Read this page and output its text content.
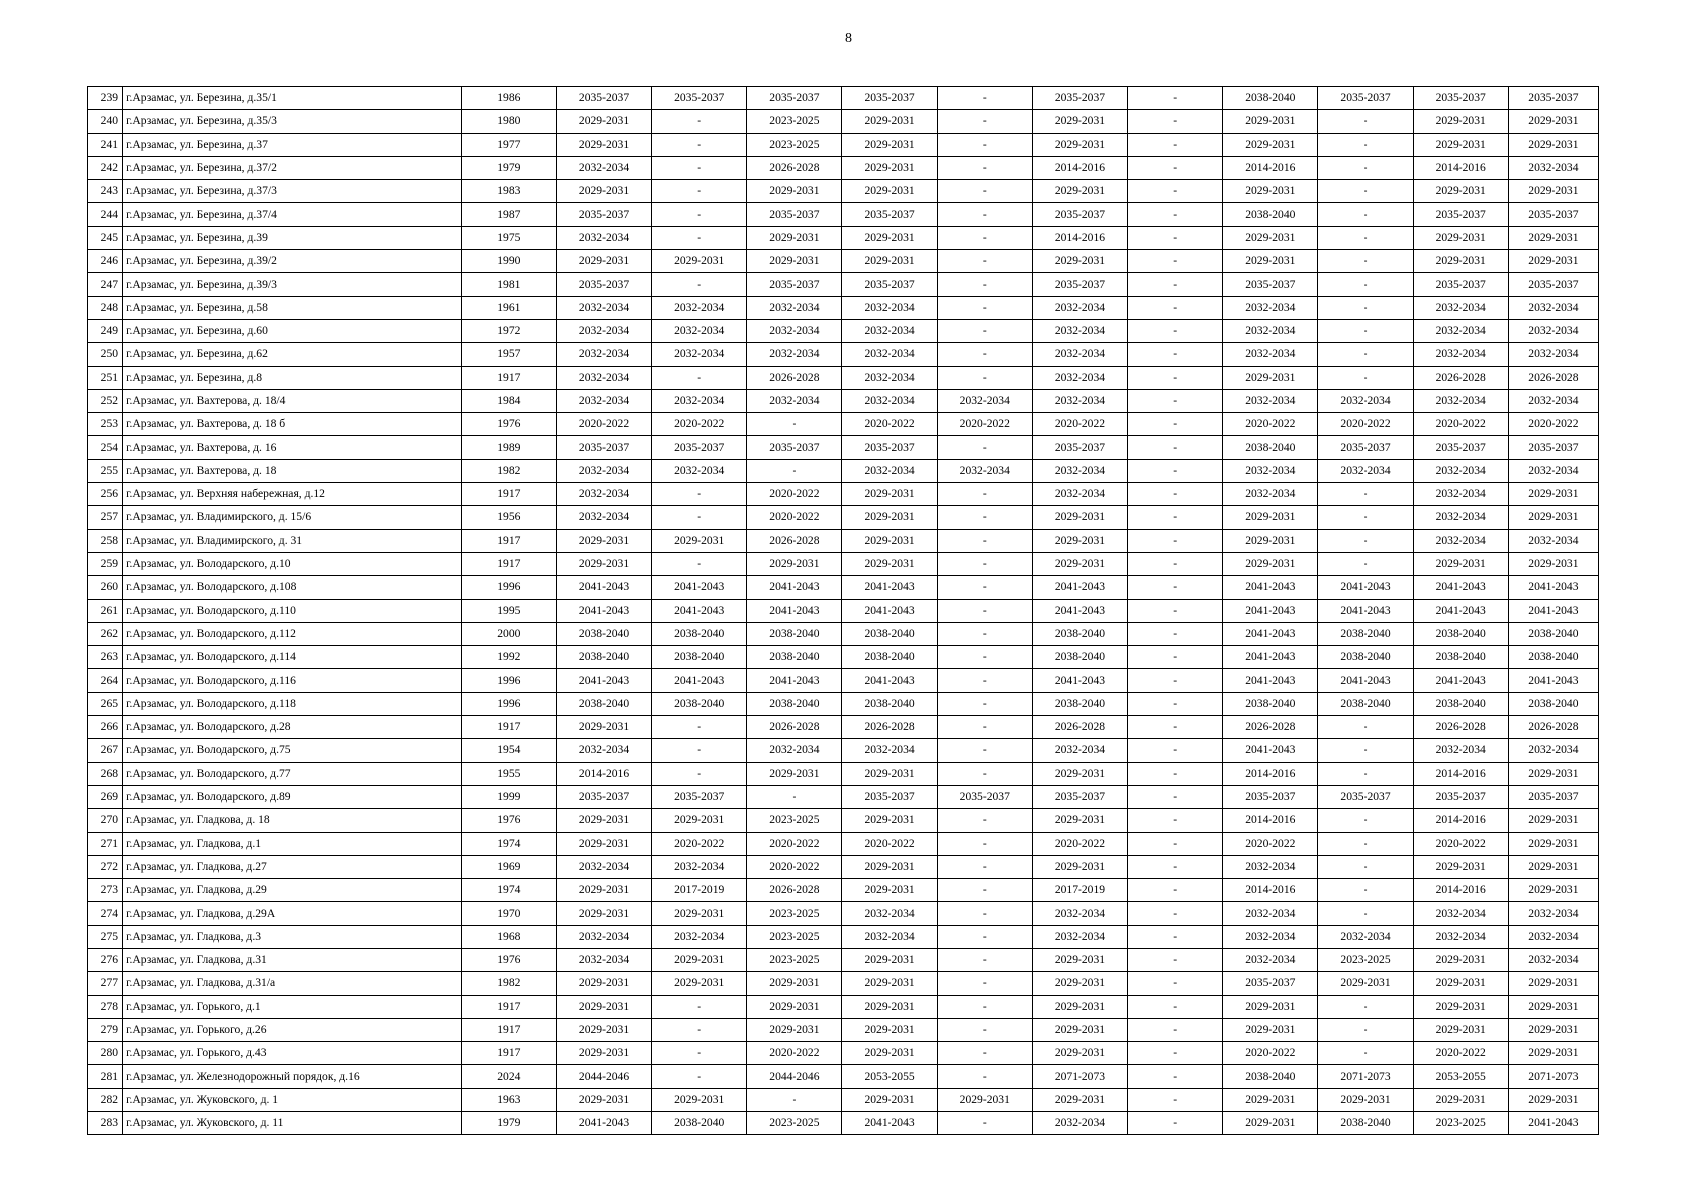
8
239	г.Арзамас, ул. Березина, д.35/1	1986	2035-2037	2035-2037	2035-2037	2035-2037	-	2035-2037	-	2038-2040	2035-2037	2035-2037	2035-2037
240	г.Арзамас, ул. Березина, д.35/3	1980	2029-2031	-	2023-2025	2029-2031	-	2029-2031	-	2029-2031	-	2029-2031	2029-2031
241	г.Арзамас, ул. Березина, д.37	1977	2029-2031	-	2023-2025	2029-2031	-	2029-2031	-	2029-2031	-	2029-2031	2029-2031
242	г.Арзамас, ул. Березина, д.37/2	1979	2032-2034	-	2026-2028	2029-2031	-	2014-2016	-	2014-2016	-	2014-2016	2032-2034
243	г.Арзамас, ул. Березина, д.37/3	1983	2029-2031	-	2029-2031	2029-2031	-	2029-2031	-	2029-2031	-	2029-2031	2029-2031
244	г.Арзамас, ул. Березина, д.37/4	1987	2035-2037	-	2035-2037	2035-2037	-	2035-2037	-	2038-2040	-	2035-2037	2035-2037
245	г.Арзамас, ул. Березина, д.39	1975	2032-2034	-	2029-2031	2029-2031	-	2014-2016	-	2029-2031	-	2029-2031	2029-2031
246	г.Арзамас, ул. Березина, д.39/2	1990	2029-2031	2029-2031	2029-2031	2029-2031	-	2029-2031	-	2029-2031	-	2029-2031	2029-2031
247	г.Арзамас, ул. Березина, д.39/3	1981	2035-2037	-	2035-2037	2035-2037	-	2035-2037	-	2035-2037	-	2035-2037	2035-2037
248	г.Арзамас, ул. Березина, д.58	1961	2032-2034	2032-2034	2032-2034	2032-2034	-	2032-2034	-	2032-2034	-	2032-2034	2032-2034
249	г.Арзамас, ул. Березина, д.60	1972	2032-2034	2032-2034	2032-2034	2032-2034	-	2032-2034	-	2032-2034	-	2032-2034	2032-2034
250	г.Арзамас, ул. Березина, д.62	1957	2032-2034	2032-2034	2032-2034	2032-2034	-	2032-2034	-	2032-2034	-	2032-2034	2032-2034
251	г.Арзамас, ул. Березина, д.8	1917	2032-2034	-	2026-2028	2032-2034	-	2032-2034	-	2029-2031	-	2026-2028	2026-2028
252	г.Арзамас, ул. Вахтерова, д. 18/4	1984	2032-2034	2032-2034	2032-2034	2032-2034	2032-2034	2032-2034	-	2032-2034	2032-2034	2032-2034	2032-2034
253	г.Арзамас, ул. Вахтерова, д. 18 б	1976	2020-2022	2020-2022	-	2020-2022	2020-2022	2020-2022	-	2020-2022	2020-2022	2020-2022	2020-2022
254	г.Арзамас, ул. Вахтерова, д. 16	1989	2035-2037	2035-2037	2035-2037	2035-2037	-	2035-2037	-	2038-2040	2035-2037	2035-2037	2035-2037
255	г.Арзамас, ул. Вахтерова, д. 18	1982	2032-2034	2032-2034	-	2032-2034	2032-2034	2032-2034	-	2032-2034	2032-2034	2032-2034	2032-2034
256	г.Арзамас, ул. Верхняя набережная, д.12	1917	2032-2034	-	2020-2022	2029-2031	-	2032-2034	-	2032-2034	-	2032-2034	2029-2031
257	г.Арзамас, ул. Владимирского, д. 15/6	1956	2032-2034	-	2020-2022	2029-2031	-	2029-2031	-	2029-2031	-	2032-2034	2029-2031
258	г.Арзамас, ул. Владимирского, д. 31	1917	2029-2031	2029-2031	2026-2028	2029-2031	-	2029-2031	-	2029-2031	-	2032-2034	2032-2034
259	г.Арзамас, ул. Володарского, д.10	1917	2029-2031	-	2029-2031	2029-2031	-	2029-2031	-	2029-2031	-	2029-2031	2029-2031
260	г.Арзамас, ул. Володарского, д.108	1996	2041-2043	2041-2043	2041-2043	2041-2043	-	2041-2043	-	2041-2043	2041-2043	2041-2043	2041-2043
261	г.Арзамас, ул. Володарского, д.110	1995	2041-2043	2041-2043	2041-2043	2041-2043	-	2041-2043	-	2041-2043	2041-2043	2041-2043	2041-2043
262	г.Арзамас, ул. Володарского, д.112	2000	2038-2040	2038-2040	2038-2040	2038-2040	-	2038-2040	-	2041-2043	2038-2040	2038-2040	2038-2040
263	г.Арзамас, ул. Володарского, д.114	1992	2038-2040	2038-2040	2038-2040	2038-2040	-	2038-2040	-	2041-2043	2038-2040	2038-2040	2038-2040
264	г.Арзамас, ул. Володарского, д.116	1996	2041-2043	2041-2043	2041-2043	2041-2043	-	2041-2043	-	2041-2043	2041-2043	2041-2043	2041-2043
265	г.Арзамас, ул. Володарского, д.118	1996	2038-2040	2038-2040	2038-2040	2038-2040	-	2038-2040	-	2038-2040	2038-2040	2038-2040	2038-2040
266	г.Арзамас, ул. Володарского, д.28	1917	2029-2031	-	2026-2028	2026-2028	-	2026-2028	-	2026-2028	-	2026-2028	2026-2028
267	г.Арзамас, ул. Володарского, д.75	1954	2032-2034	-	2032-2034	2032-2034	-	2032-2034	-	2041-2043	-	2032-2034	2032-2034
268	г.Арзамас, ул. Володарского, д.77	1955	2014-2016	-	2029-2031	2029-2031	-	2029-2031	-	2014-2016	-	2014-2016	2029-2031
269	г.Арзамас, ул. Володарского, д.89	1999	2035-2037	2035-2037	-	2035-2037	2035-2037	2035-2037	-	2035-2037	2035-2037	2035-2037	2035-2037
270	г.Арзамас, ул. Гладкова, д. 18	1976	2029-2031	2029-2031	2023-2025	2029-2031	-	2029-2031	-	2014-2016	-	2014-2016	2029-2031
271	г.Арзамас, ул. Гладкова, д.1	1974	2029-2031	2020-2022	2020-2022	2020-2022	-	2020-2022	-	2020-2022	-	2020-2022	2029-2031
272	г.Арзамас, ул. Гладкова, д.27	1969	2032-2034	2032-2034	2020-2022	2029-2031	-	2029-2031	-	2032-2034	-	2029-2031	2029-2031
273	г.Арзамас, ул. Гладкова, д.29	1974	2029-2031	2017-2019	2026-2028	2029-2031	-	2017-2019	-	2014-2016	-	2014-2016	2029-2031
274	г.Арзамас, ул. Гладкова, д.29А	1970	2029-2031	2029-2031	2023-2025	2032-2034	-	2032-2034	-	2032-2034	-	2032-2034	2032-2034
275	г.Арзамас, ул. Гладкова, д.3	1968	2032-2034	2032-2034	2023-2025	2032-2034	-	2032-2034	-	2032-2034	2032-2034	2032-2034	2032-2034
276	г.Арзамас, ул. Гладкова, д.31	1976	2032-2034	2029-2031	2023-2025	2029-2031	-	2029-2031	-	2032-2034	2023-2025	2029-2031	2032-2034
277	г.Арзамас, ул. Гладкова, д.31/а	1982	2029-2031	2029-2031	2029-2031	2029-2031	-	2029-2031	-	2035-2037	2029-2031	2029-2031	2029-2031
278	г.Арзамас, ул. Горького, д.1	1917	2029-2031	-	2029-2031	2029-2031	-	2029-2031	-	2029-2031	-	2029-2031	2029-2031
279	г.Арзамас, ул. Горького, д.26	1917	2029-2031	-	2029-2031	2029-2031	-	2029-2031	-	2029-2031	-	2029-2031	2029-2031
280	г.Арзамас, ул. Горького, д.43	1917	2029-2031	-	2020-2022	2029-2031	-	2029-2031	-	2020-2022	-	2020-2022	2029-2031
281	г.Арзамас, ул. Железнодорожный порядок, д.16	2024	2044-2046	-	2044-2046	2053-2055	-	2071-2073	-	2038-2040	2071-2073	2053-2055	2071-2073
282	г.Арзамас, ул. Жуковского, д. 1	1963	2029-2031	2029-2031	-	2029-2031	2029-2031	2029-2031	-	2029-2031	2029-2031	2029-2031	2029-2031
283	г.Арзамас, ул. Жуковского, д. 11	1979	2041-2043	2038-2040	2023-2025	2041-2043	-	2032-2034	-	2029-2031	2038-2040	2023-2025	2041-2043
